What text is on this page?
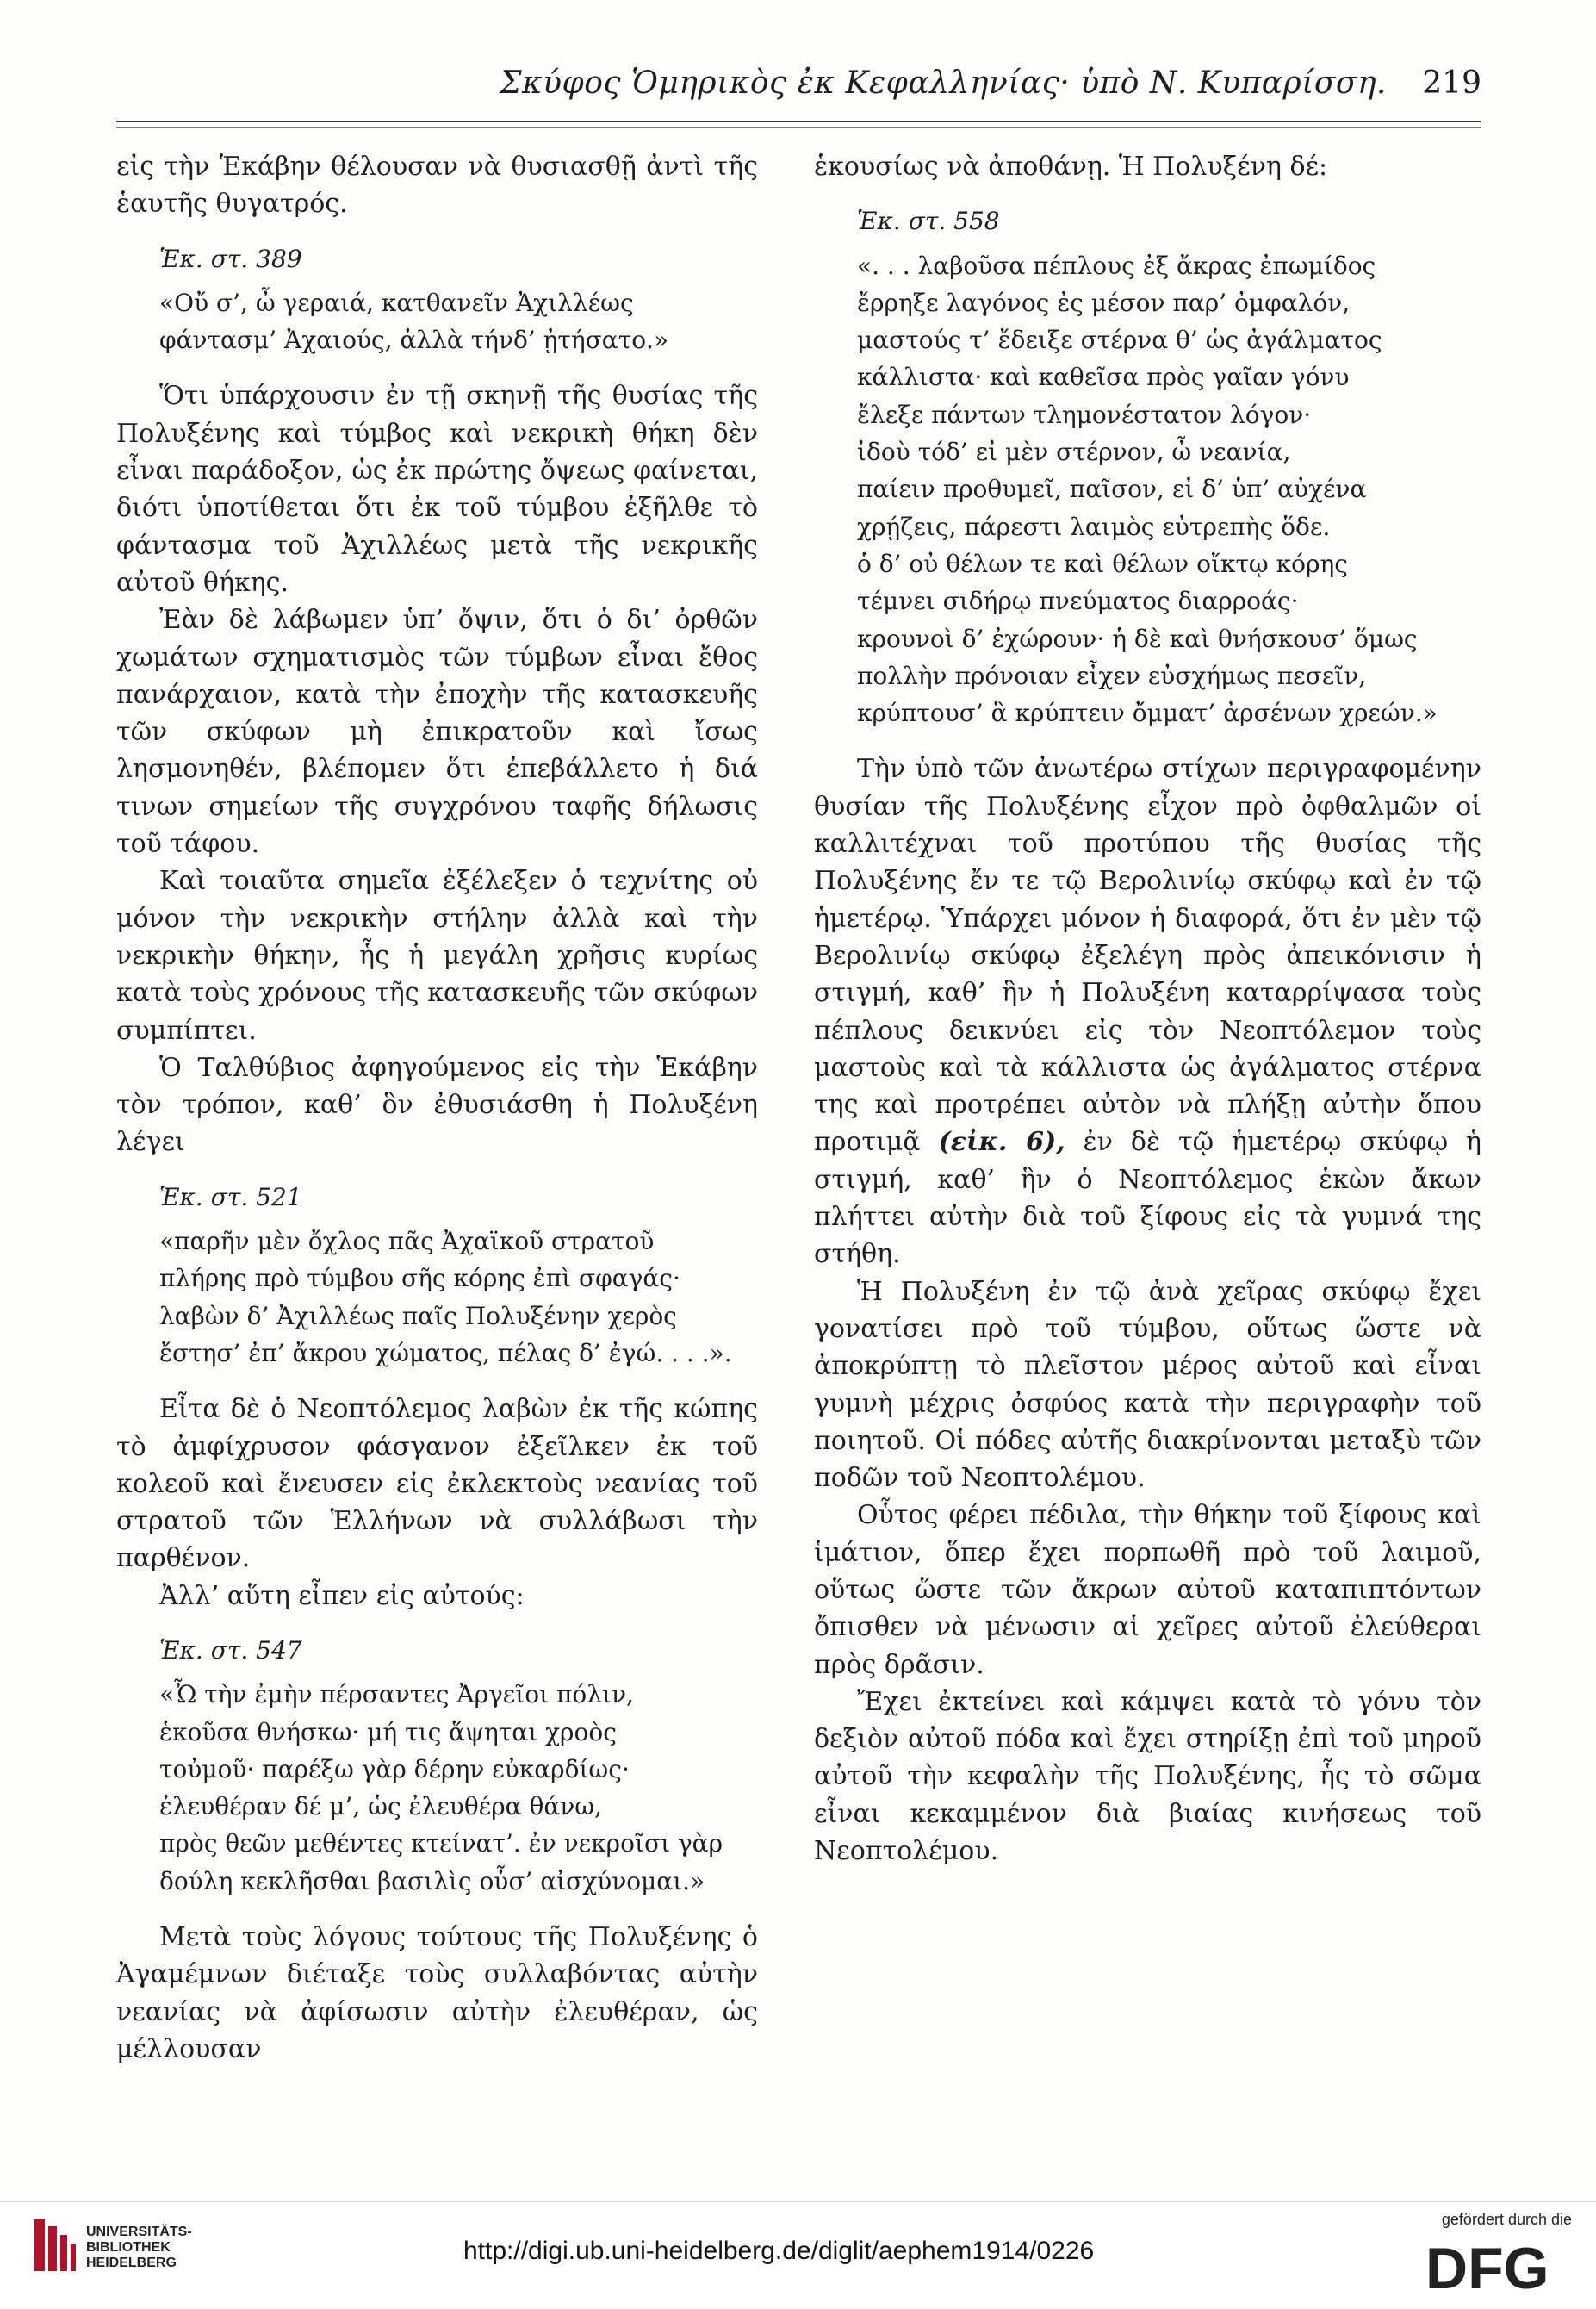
Σκύφος Ὁμηρικὸς ἐκ Κεφαλληνίας· ὑπὸ Ν. Κυπαρίσση. 219

εἰς τὴν Ἑκάβην θέλουσαν νὰ θυσιασθῇ ἀντὶ τῆς ἑαυτῆς θυγατρός.

Ἑκ. στ. 389
«Οὔ σ’, ὦ γεραιά, κατθανεῖν Ἀχιλλέως
φάντασμ’ Ἀχαιούς, ἀλλὰ τήνδ’ ᾐτήσατο.»

Ὅτι ὑπάρχουσιν ἐν τῇ σκηνῇ τῆς θυσίας τῆς Πολυξένης καὶ τύμβος καὶ νεκρικὴ θήκη δὲν εἶναι παράδοξον, ὡς ἐκ πρώτης ὄψεως φαίνεται, διότι ὑποτίθεται ὅτι ἐκ τοῦ τύμβου ἐξῆλθε τὸ φάντασμα τοῦ Ἀχιλλέως μετὰ τῆς νεκρικῆς αὐτοῦ θήκης.

Ἐὰν δὲ λάβωμεν ὑπ’ ὄψιν, ὅτι ὁ δι’ ὀρθῶν χωμάτων σχηματισμὸς τῶν τύμβων εἶναι ἔθος πανάρχαιον, κατὰ τὴν ἐποχὴν τῆς κατασκευῆς τῶν σκύφων μὴ ἐπικρατοῦν καὶ ἴσως λησμονηθέν, βλέπομεν ὅτι ἐπεβάλλετο ἡ διά τινων σημείων τῆς συγχρόνου ταφῆς δήλωσις τοῦ τάφου.

Καὶ τοιαῦτα σημεῖα ἐξέλεξεν ὁ τεχνίτης οὐ μόνον τὴν νεκρικὴν στήλην ἀλλὰ καὶ τὴν νεκρικὴν θήκην, ἧς ἡ μεγάλη χρῆσις κυρίως κατὰ τοὺς χρόνους τῆς κατασκευῆς τῶν σκύφων συμπίπτει.

Ὁ Ταλθύβιος ἀφηγούμενος εἰς τὴν Ἑκάβην τὸν τρόπον, καθ’ ὃν ἐθυσιάσθη ἡ Πολυξένη λέγει

Ἑκ. στ. 521
«παρῆν μὲν ὄχλος πᾶς Ἀχαϊκοῦ στρατοῦ
πλήρης πρὸ τύμβου σῆς κόρης ἐπὶ σφαγάς·
λαβὼν δ’ Ἀχιλλέως παῖς Πολυξένην χερὸς
ἔστησ’ ἐπ’ ἄκρου χώματος, πέλας δ’ ἐγώ. . . .».

Εἶτα δὲ ὁ Νεοπτόλεμος λαβὼν ἐκ τῆς κώπης τὸ ἀμφίχρυσον φάσγανον ἐξεῖλκεν ἐκ τοῦ κολεοῦ καὶ ἔνευσεν εἰς ἐκλεκτοὺς νεανίας τοῦ στρατοῦ τῶν Ἑλλήνων νὰ συλλάβωσι τὴν παρθένον.

Ἀλλ’ αὕτη εἶπεν εἰς αὐτούς:

Ἑκ. στ. 547
«Ὦ τὴν ἐμὴν πέρσαντες Ἀργεῖοι πόλιν,
ἑκοῦσα θνήσκω· μή τις ἅψηται χροὸς
τοὐμοῦ· παρέξω γὰρ δέρην εὐκαρδίως·
ἐλευθέραν δέ μ’, ὡς ἐλευθέρα θάνω,
πρὸς θεῶν μεθέντες κτείνατ’. ἐν νεκροῖσι γὰρ
δούλη κεκλῆσθαι βασιλὶς οὖσ’ αἰσχύνομαι.»

Μετὰ τοὺς λόγους τούτους τῆς Πολυξένης ὁ Ἀγαμέμνων διέταξε τοὺς συλλαβόντας αὐτὴν νεανίας νὰ ἀφίσωσιν αὐτὴν ἐλευθέραν, ὡς μέλλουσαν

ἑκουσίως νὰ ἀποθάνῃ. Ἡ Πολυξένη δέ:

Ἑκ. στ. 558
«. . . λαβοῦσα πέπλους ἐξ ἄκρας ἐπωμίδος
ἔρρηξε λαγόνος ἐς μέσον παρ’ ὀμφαλόν,
μαστούς τ’ ἔδειξε στέρνα θ’ ὡς ἀγάλματος
κάλλιστα· καὶ καθεῖσα πρὸς γαῖαν γόνυ
ἔλεξε πάντων τλημονέστατον λόγον·
ἰδοὺ τόδ’ εἰ μὲν στέρνον, ὦ νεανία,
παίειν προθυμεῖ, παῖσον, εἰ δ’ ὑπ’ αὐχένα
χρῄζεις, πάρεστι λαιμὸς εὐτρεπὴς ὅδε.
ὁ δ’ οὐ θέλων τε καὶ θέλων οἴκτῳ κόρης
τέμνει σιδήρῳ πνεύματος διαρροάς·
κρουνοὶ δ’ ἐχώρουν· ἡ δὲ καὶ θνήσκουσ’ ὅμως
πολλὴν πρόνοιαν εἶχεν εὐσχήμως πεσεῖν,
κρύπτουσ’ ἃ κρύπτειν ὄμματ’ ἀρσένων χρεών.»

Τὴν ὑπὸ τῶν ἀνωτέρω στίχων περιγραφομένην θυσίαν τῆς Πολυξένης εἶχον πρὸ ὀφθαλμῶν οἱ καλλιτέχναι τοῦ προτύπου τῆς θυσίας τῆς Πολυξένης ἔν τε τῷ Βερολινίῳ σκύφῳ καὶ ἐν τῷ ἡμετέρῳ. Ὑπάρχει μόνον ἡ διαφορά, ὅτι ἐν μὲν τῷ Βερολινίῳ σκύφῳ ἐξελέγη πρὸς ἀπεικόνισιν ἡ στιγμή, καθ’ ἣν ἡ Πολυξένη καταρρίψασα τοὺς πέπλους δεικνύει εἰς τὸν Νεοπτόλεμον τοὺς μαστοὺς καὶ τὰ κάλλιστα ὡς ἀγάλματος στέρνα της καὶ προτρέπει αὐτὸν νὰ πλήξῃ αὐτὴν ὅπου προτιμᾷ (εἰκ. 6), ἐν δὲ τῷ ἡμετέρῳ σκύφῳ ἡ στιγμή, καθ’ ἣν ὁ Νεοπτόλεμος ἑκὼν ἄκων πλήττει αὐτὴν διὰ τοῦ ξίφους εἰς τὰ γυμνά της στήθη.

Ἡ Πολυξένη ἐν τῷ ἀνὰ χεῖρας σκύφῳ ἔχει γονατίσει πρὸ τοῦ τύμβου, οὕτως ὥστε νὰ ἀποκρύπτῃ τὸ πλεῖστον μέρος αὐτοῦ καὶ εἶναι γυμνὴ μέχρις ὀσφύος κατὰ τὴν περιγραφὴν τοῦ ποιητοῦ. Οἱ πόδες αὐτῆς διακρίνονται μεταξὺ τῶν ποδῶν τοῦ Νεοπτολέμου.

Οὗτος φέρει πέδιλα, τὴν θήκην τοῦ ξίφους καὶ ἱμάτιον, ὅπερ ἔχει πορπωθῆ πρὸ τοῦ λαιμοῦ, οὕτως ὥστε τῶν ἄκρων αὐτοῦ καταπιπτόντων ὄπισθεν νὰ μένωσιν αἱ χεῖρες αὐτοῦ ἐλεύθεραι πρὸς δρᾶσιν.

Ἔχει ἐκτείνει καὶ κάμψει κατὰ τὸ γόνυ τὸν δεξιὸν αὐτοῦ πόδα καὶ ἔχει στηρίξῃ ἐπὶ τοῦ μηροῦ αὐτοῦ τὴν κεφαλὴν τῆς Πολυξένης, ἧς τὸ σῶμα εἶναι κεκαμμένον διὰ βιαίας κινήσεως τοῦ Νεοπτολέμου.

UNIVERSITÄTS-
BIBLIOTHEK
HEIDELBERG	http://digi.ub.uni-heidelberg.de/diglit/aephem1914/0226
gefördert durch die
DFG
